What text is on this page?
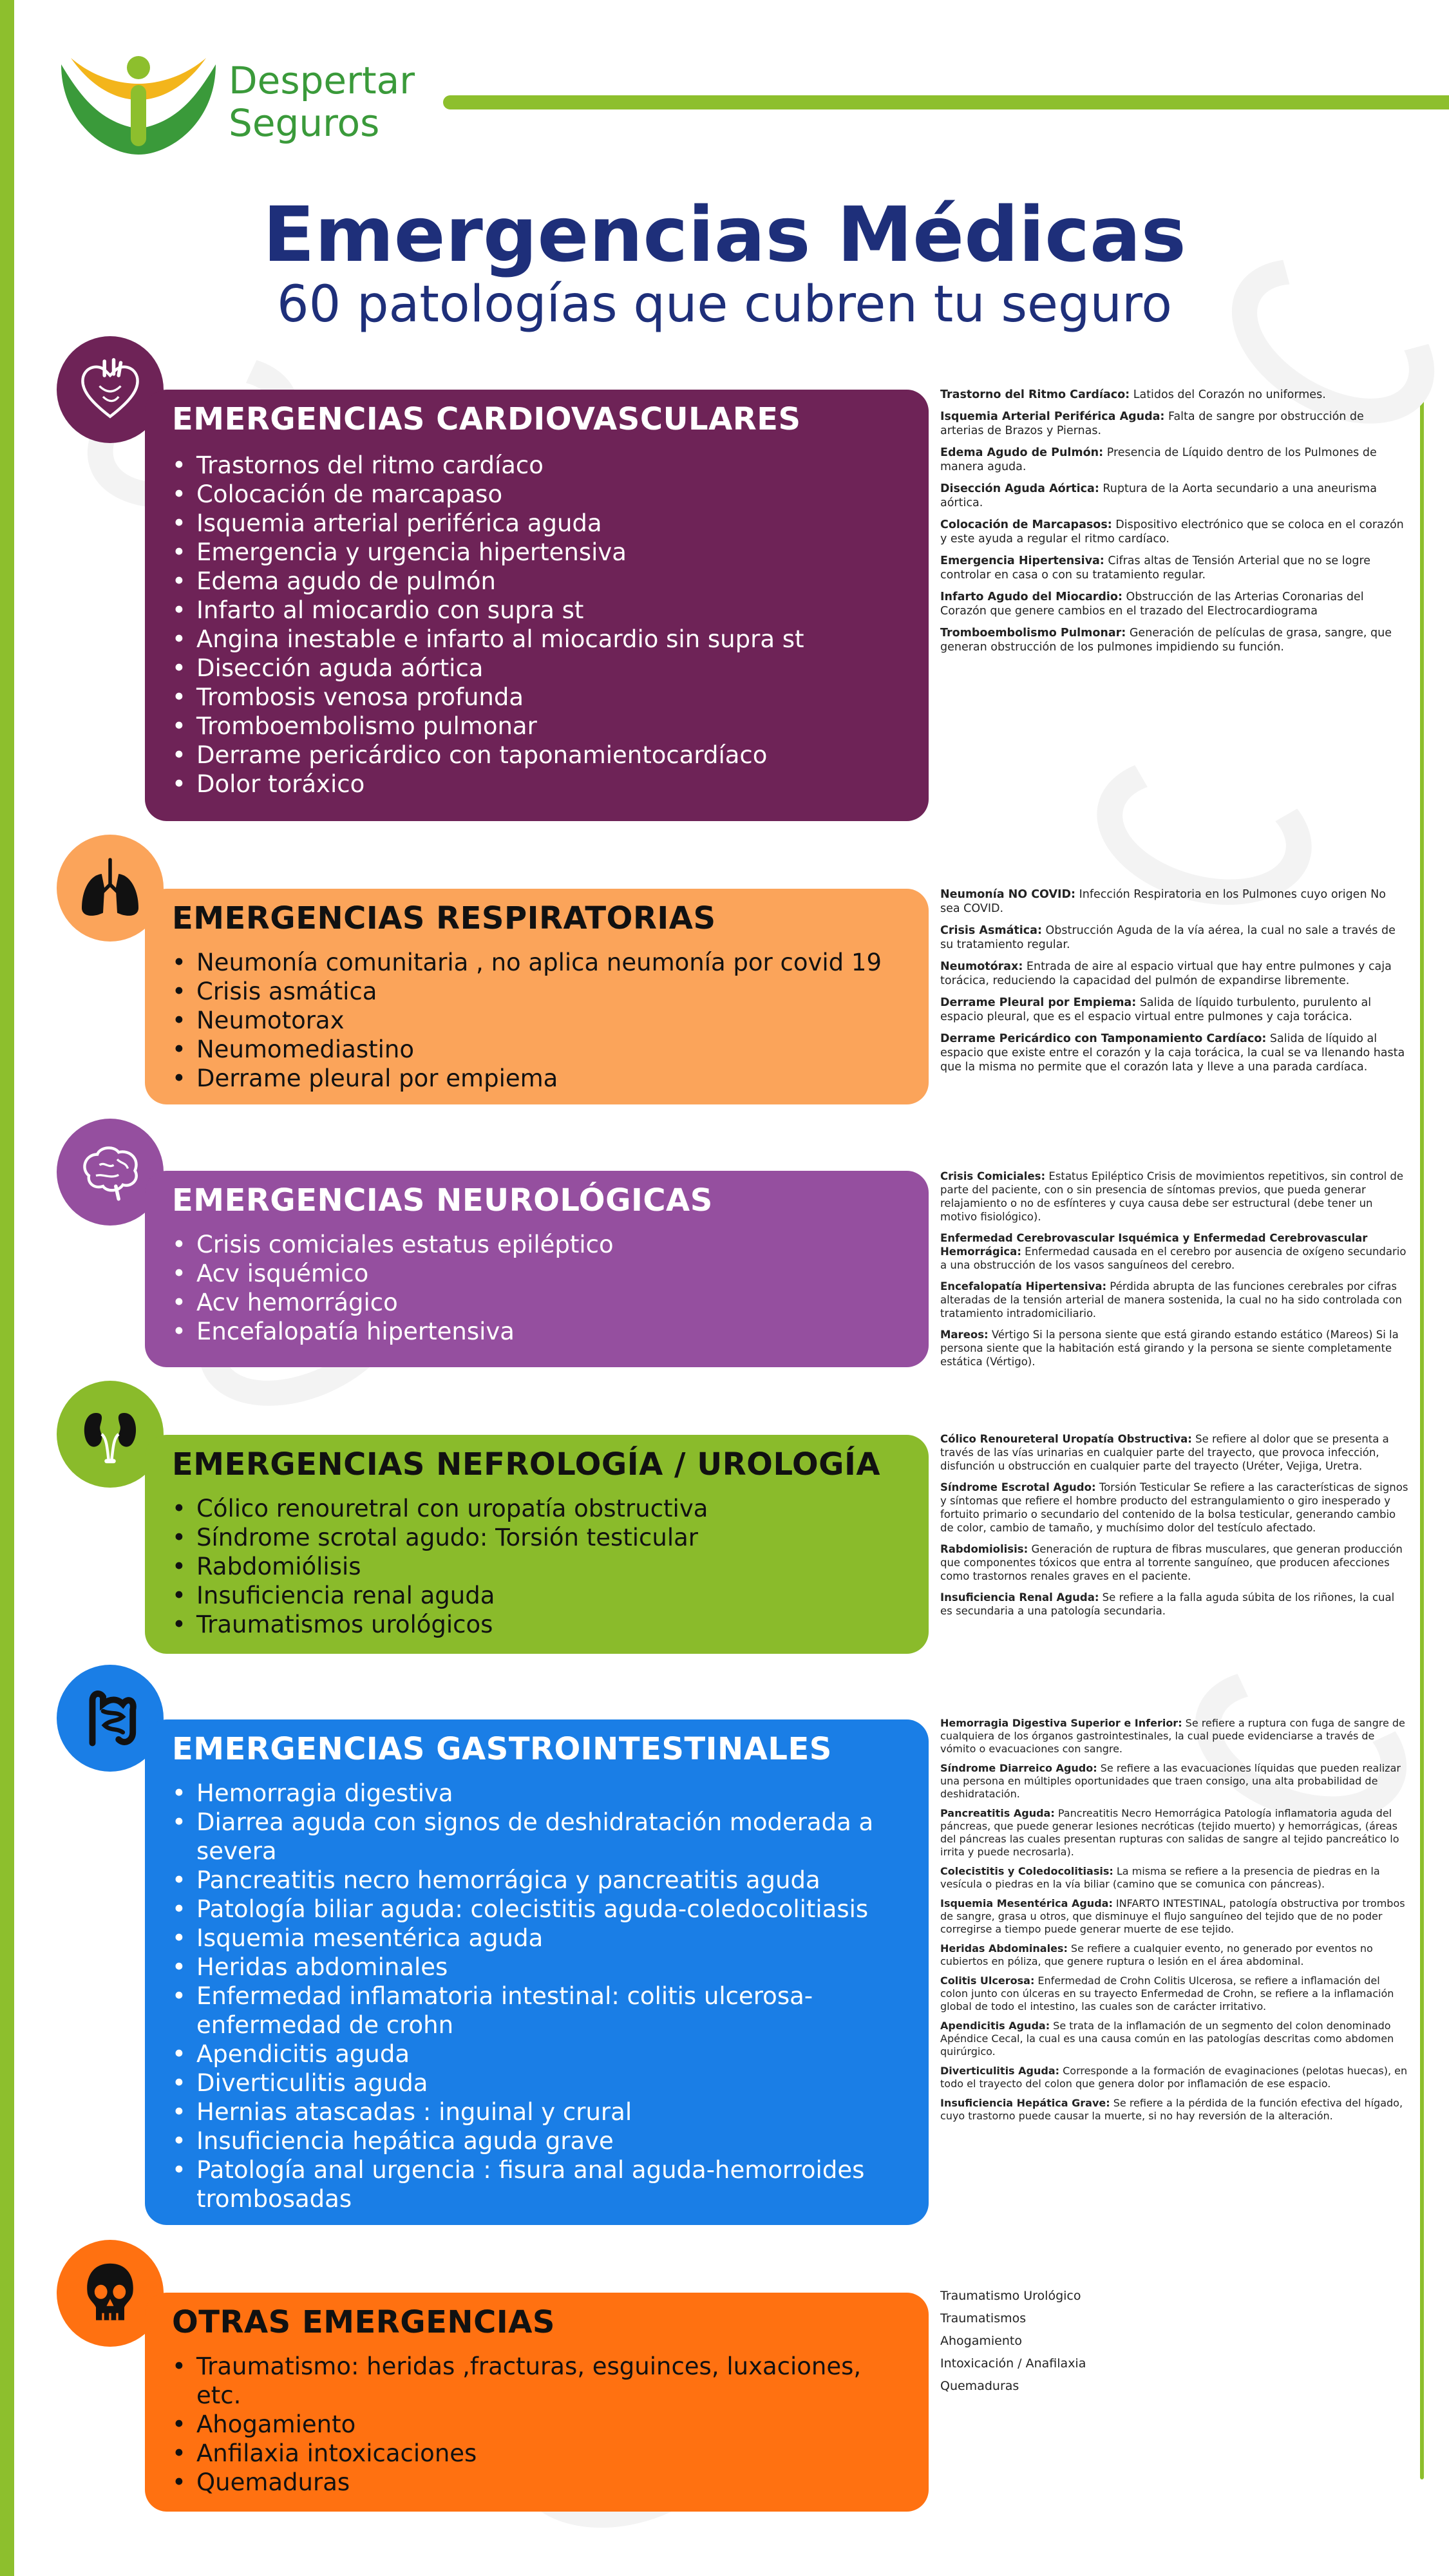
Despertar
Seguros
Emergencias Médicas
60 patologías que cubren tu seguro
EMERGENCIAS CARDIOVASCULARES
• Trastornos del ritmo cardíaco
• Colocación de marcapaso
• Isquemia arterial periférica aguda
• Emergencia y urgencia hipertensiva
• Edema agudo de pulmón
• Infarto al miocardio con supra st
• Angina inestable e infarto al miocardio sin supra st
• Disección aguda aórtica
• Trombosis venosa profunda
• Tromboembolismo pulmonar
• Derrame pericárdico con taponamientocardíaco
• Dolor toráxico

Trastorno del Ritmo Cardíaco: Latidos del Corazón no uniformes.

Isquemia Arterial Periférica Aguda: Falta de sangre por obstrucción de arterias de Brazos y Piernas.

Edema Agudo de Pulmón: Presencia de Líquido dentro de los Pulmones de manera aguda.

Disección Aguda Aórtica: Ruptura de la Aorta secundario a una aneurisma aórtica.

Colocación de Marcapasos: Dispositivo electrónico que se coloca en el corazón y este ayuda a regular el ritmo cardíaco.

Emergencia Hipertensiva: Cifras altas de Tensión Arterial que no se logre controlar en casa o con su tratamiento regular.

Infarto Agudo del Miocardio: Obstrucción de las Arterias Coronarias del Corazón que genere cambios en el trazado del Electrocardiograma

Tromboembolismo Pulmonar: Generación de películas de grasa, sangre, que generan obstrucción de los pulmones impidiendo su función.

EMERGENCIAS RESPIRATORIAS
• Neumonía comunitaria , no aplica neumonía por covid 19
• Crisis asmática
• Neumotorax
• Neumomediastino
• Derrame pleural por empiema

Neumonía NO COVID: Infección Respiratoria en los Pulmones cuyo origen No sea COVID.

Crisis Asmática: Obstrucción Aguda de la vía aérea, la cual no sale a través de su tratamiento regular.

Neumotórax: Entrada de aire al espacio virtual que hay entre pulmones y caja torácica, reduciendo la capacidad del pulmón de expandirse libremente.

Derrame Pleural por Empiema: Salida de líquido turbulento, purulento al espacio pleural, que es el espacio virtual entre pulmones y caja torácica.

Derrame Pericárdico con Tamponamiento Cardíaco: Salida de líquido al espacio que existe entre el corazón y la caja torácica, la cual se va llenando hasta que la misma no permite que el corazón lata y lleve a una parada cardíaca.

EMERGENCIAS NEUROLÓGICAS
• Crisis comiciales estatus epiléptico
• Acv isquémico
• Acv hemorrágico
• Encefalopatía hipertensiva

Crisis Comiciales: Estatus Epiléptico Crisis de movimientos repetitivos, sin control de parte del paciente, con o sin presencia de síntomas previos, que pueda generar relajamiento o no de esfínteres y cuya causa debe ser estructural (debe tener un motivo fisiológico).

Enfermedad Cerebrovascular Isquémica y Enfermedad Cerebrovascular Hemorrágica: Enfermedad causada en el cerebro por ausencia de oxígeno secundario a una obstrucción de los vasos sanguíneos del cerebro.

Encefalopatía Hipertensiva: Pérdida abrupta de las funciones cerebrales por cifras alteradas de la tensión arterial de manera sostenida, la cual no ha sido controlada con tratamiento intradomiciliario.

Mareos: Vértigo Si la persona siente que está girando estando estático (Mareos) Si la persona siente que la habitación está girando y la persona se siente completamente estática (Vértigo).

EMERGENCIAS NEFROLOGÍA / UROLOGÍA
• Cólico renouretral con uropatía obstructiva
• Síndrome scrotal agudo: Torsión testicular
• Rabdomiólisis
• Insuficiencia renal aguda
• Traumatismos urológicos

Cólico Renoureteral Uropatía Obstructiva: Se refiere al dolor que se presenta a través de las vías urinarias en cualquier parte del trayecto, que provoca infección, disfunción u obstrucción en cualquier parte del trayecto (Uréter, Vejiga, Uretra.

Síndrome Escrotal Agudo: Torsión Testicular Se refiere a las características de signos y síntomas que refiere el hombre producto del estrangulamiento o giro inesperado y fortuito primario o secundario del contenido de la bolsa testicular, generando cambio de color, cambio de tamaño, y muchísimo dolor del testículo afectado.

Rabdomiolisis: Generación de ruptura de fibras musculares, que generan producción que componentes tóxicos que entra al torrente sanguíneo, que producen afecciones como trastornos renales graves en el paciente.

Insuficiencia Renal Aguda: Se refiere a la falla aguda súbita de los riñones, la cual es secundaria a una patología secundaria.

EMERGENCIAS GASTROINTESTINALES
• Hemorragia digestiva
• Diarrea aguda con signos de deshidratación moderada a severa
• Pancreatitis necro hemorrágica y pancreatitis aguda
• Patología biliar aguda: colecistitis aguda-coledocolitiasis
• Isquemia mesentérica aguda
• Heridas abdominales
• Enfermedad inflamatoria intestinal: colitis ulcerosa-enfermedad de crohn
• Apendicitis aguda
• Diverticulitis aguda
• Hernias atascadas : inguinal y crural
• Insuficiencia hepática aguda grave
• Patología anal urgencia : fisura anal aguda-hemorroides trombosadas

Hemorragia Digestiva Superior e Inferior: Se refiere a ruptura con fuga de sangre de cualquiera de los órganos gastrointestinales, la cual puede evidenciarse a través de vómito o evacuaciones con sangre.

Síndrome Diarreico Agudo: Se refiere a las evacuaciones líquidas que pueden realizar una persona en múltiples oportunidades que traen consigo, una alta probabilidad de deshidratación.

Pancreatitis Aguda: Pancreatitis Necro Hemorrágica Patología inflamatoria aguda del páncreas, que puede generar lesiones necróticas (tejido muerto) y hemorrágicas, (áreas del páncreas las cuales presentan rupturas con salidas de sangre al tejido pancreático lo irrita y puede necrosarla).

Colecistitis y Coledocolitiasis: La misma se refiere a la presencia de piedras en la vesícula o piedras en la vía biliar (camino que se comunica con páncreas).

Isquemia Mesentérica Aguda: INFARTO INTESTINAL, patología obstructiva por trombos de sangre, grasa u otros, que disminuye el flujo sanguíneo del tejido que de no poder corregirse a tiempo puede generar muerte de ese tejido.

Heridas Abdominales: Se refiere a cualquier evento, no generado por eventos no cubiertos en póliza, que genere ruptura o lesión en el área abdominal.

Colitis Ulcerosa: Enfermedad de Crohn Colitis Ulcerosa, se refiere a inflamación del colon junto con úlceras en su trayecto Enfermedad de Crohn, se refiere a la inflamación global de todo el intestino, las cuales son de carácter irritativo.

Apendicitis Aguda: Se trata de la inflamación de un segmento del colon denominado Apéndice Cecal, la cual es una causa común en las patologías descritas como abdomen quirúrgico.

Diverticulitis Aguda: Corresponde a la formación de evaginaciones (pelotas huecas), en todo el trayecto del colon que genera dolor por inflamación de ese espacio.

Insuficiencia Hepática Grave: Se refiere a la pérdida de la función efectiva del hígado, cuyo trastorno puede causar la muerte, si no hay reversión de la alteración.

OTRAS EMERGENCIAS
• Traumatismo: heridas ,fracturas, esguinces, luxaciones, etc.
• Ahogamiento
• Anfilaxia intoxicaciones
• Quemaduras

Traumatismo Urológico

Traumatismos

Ahogamiento

Intoxicación / Anafilaxia

Quemaduras
